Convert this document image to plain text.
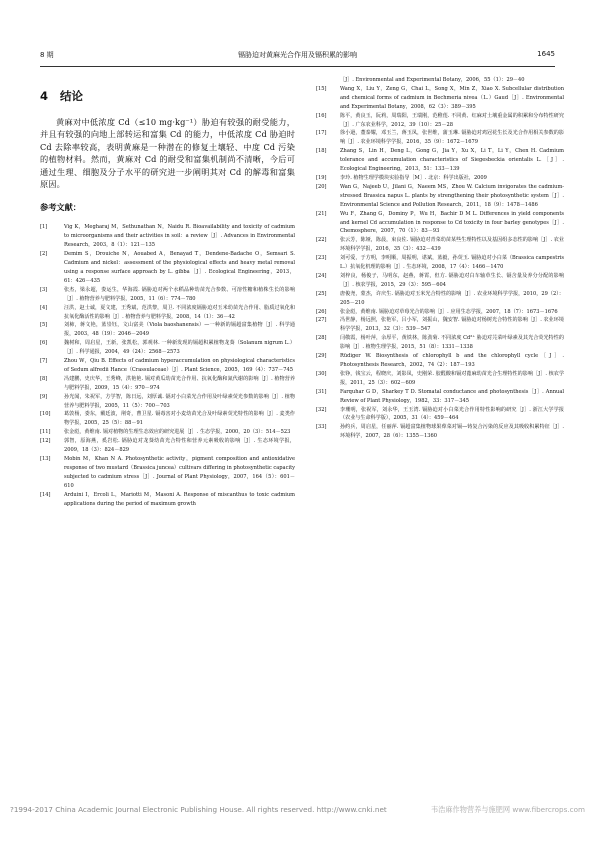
8 期	镉胁迫对黄麻光合作用及镉积累的影响	1645
4 结论

黄麻对中低浓度 Cd（≤10 mg·kg⁻¹）胁迫有较强的耐受能力，并且有较强的向地上部转运和富集 Cd 的能力，中低浓度 Cd 胁迫时 Cd 去除率较高，表明黄麻是一种潜在的修复土壤轻、中度 Cd 污染的植物材料。然而，黄麻对 Cd 的耐受和富集机制尚不清晰，今后可通过生理、细胞及分子水平的研究进一步阐明其对 Cd 的解毒和富集原因。

参考文献：
[1]	Vig K，Megharaj M，Sethunathan N，Naidu R. Bioavailability and toxicity of cadmium to microorganisms and their activities in soil：a review［J］. Advances in Environmental Research，2003，8（1）：121－135
[2]	Demim S，Drouiche N，Aouabed A，Benayad T，Dendene-Badache O，Semsari S. Cadmium and nickel：assessment of the physiological effects and heavy metal removal using a response surface approach by L. gibba［J］. Ecological Engineering，2013，61：426－435
[3]	张杰，梁永超，娄运生，华海霞. 镉胁迫对两个水稻品种幼苗光合参数、可溶性糖和植株生长的影响［J］. 植物营养与肥料学报，2005，11（6）：774－780
[4]	汪洪，赵士诚，夏文建，王秀斌，范洪黎，周卫. 不同浓度镉胁迫对玉米幼苗光合作用、脂质过氧化和抗氧化酶活性的影响［J］. 植物营养与肥料学报，2008，14（1）：36－42
[5]	刘柿，蒋文艳，蓝崇钰，文山富美（Viola baoshanensis）—一种新的镉超富集植物［J］. 科学通报，2003，48（19）：2046－2049
[6]	魏树和，周启星，王新，张凯松，郭观林. 一种新发现的镉超积累植物龙葵（Solanum nigrum L.）［J］. 科学通报，2004，49（24）：2568－2573
[7]	Zhou W，Qiu B. Effects of cadmium hyperaccumulation on physiological characteristics of Sedum alfredii Hance（Crassulaceae）［J］. Plant Science，2005，169（4）：737－745
[8]	冯建鹏，史庆华，王秀峰，洪艳艳. 镉对黄瓜幼苗光合作用、抗氧化酶和氮代谢的影响［J］. 植物营养与肥料学报，2009，15（4）：970－974
[9]	孙光闻，朱祝军，方学智，陈日远，刘厚诚. 镉对小白菜光合作用及叶绿素荧光参数的影响［J］. 植物营养与肥料学报，2005，11（5）：700－703
[10]	葛敦杨，娄东，戴廷波，荆奇，曹卫星. 镉毒害对小麦幼苗光合及叶绿素荧光特性的影响［J］. 麦类作物学报，2005，25（5）：88－91
[11]	张金彪，黄维南. 镉对植物的生理生态效应的研究进展［J］. 生态学报，2000，20（3）：514－523
[12]	郭智，原海燕，奚岩松. 镉胁迫对龙葵幼苗光合特性和营养元素吸收的影响［J］. 生态环境学报，2009，18（3）：824－829
[13]	Mobin M，Khan N A. Photosynthetic activity，pigment composition and antioxidative response of two mustard（Brassica juncea）cultivars differing in photosynthetic capacity subjected to cadmium stress［J］. Journal of Plant Physiology，2007，164（5）：601－610
[14]	Arduini I，Ercoli L，Mariotti M，Masoni A. Response of miscanthus to toxic cadmium applications during the period of maximum growth
［J］. Environmental and Experimental Botany，2006，55（1）：29－40
[15]	Wang X，Liu Y，Zeng G，Chai L，Song X，Min Z，Xiao X. Subcellular distribution and chemical forms of cadmium in Bechmeria nivea（L.）Gaud［J］. Environmental and Experimental Botany，2008，62（3）：389－395
[16]	陈平，黄良玉，阮莉，周瑞阳，王瑞刚，范稚莲. 不同黄、红麻对土壤重金属的积累和分布特性研究［J］. 广东农业科学，2012，39（10）：25－28
[17]	徐小逊，董泰耀，邓玉兰，蒋玉凤，张世维，蒲玉琳. 镉胁迫对鸡冠花生长及光合作用相关参数的影响［J］. 农业环境科学学报，2016，35（9）：1672－1679
[18]	Zhang S，Lin H，Deng L，Gong G，Jia Y，Xu X，Li T，Li Y，Chen H. Cadmium tolerance and accumulation characteristics of Siegesbeckia orientalis L.［J］. Ecological Engineering，2013，51：133－139
[19]	李玲. 植物生理学模块实验指导［M］. 北京：科学出版社，2009
[20]	Wan G，Najeeb U，Jilani G，Naeem MS，Zhou W. Calcium invigorates the cadmium-stressed Brassica napus L. plants by strengthening their photosynthetic system［J］. Environmental Science and Pollution Research，2011，18（9）：1478－1486
[21]	Wu F，Zhang G，Dominy P，Wu H，Bachir D M L. Differences in yield components and kernel Cd accumulation in response to Cd toxicity in four barley genotypes［J］. Chemosphere，2007，70（1）：83－93
[22]	张云芳，陈娅，陈晨，束良佐. 镉胁迫对青菜幼苗某些生理特性以及基因组多态性的影响［J］. 农业环境科学学报，2016，35（3）：432－439
[23]	刘可爱，于方明，李明顺，周振明，谌斌，蓝毅，孙荧玉. 镉胁迫对小白菜（Brassica campestris L.）抗氧化机理的影响［J］. 生态环境，2008，17（4）：1466－1470
[24]	刘梓良，杨俊子，马明东，赵燕，蒋霄，但方. 镉胁迫对白车轴草生长、镉含量及养分分配的影响［J］. 核农学报，2015，29（3）：595－604
[25]	唐俊尧，蒙杰，许庆生. 镉胁迫对玉米光合特性的影响［J］. 农业环境科学学报，2010，29（2）：205－210
[26]	张金彪，黄维南. 镉胁迫对草莓光合的影响［J］. 应用生态学报，2007，18（7）：1673－1676
[27]	冯世静，杨远照，张艳军，吕小军，刘振山，魏安智. 镉胁迫对杨树光合特性的影响［J］. 农业环境科学学报，2013，32（3）：539－547
[28]	闫敬霞，杨叶萍，余厚平，黄铁林，陈劲菊. 不同浓度 Cd²⁺ 胁迫对芫菜叶绿素及其光合荧光特性的影响［J］. 植物生理学报，2015，51（8）：1331－1338
[29]	Rüdiger W. Biosynthesis of chlorophyll b and the chlorophyll cycle［J］. Photosynthesis Research，2002，74（2）：187－193
[30]	张铮，钱宝云，程晓庆，刘影凤，史刚荣. 胶醛酸和镉对蓖麻幼苗光合生理特性的影响［J］. 核农学报，2011，25（3）：602－609
[31]	Farquhar G D，Sharkey T D. Stomatal conductance and photosynthesis［J］. Annual Review of Plant Physiology，1982，33：317－345
[32]	李珊明，张祝军，刘永华，王玉湾. 镉胁迫对小白菜光合作用特性影响的研究［J］. 浙江大学学报（农业与生命科学版），2005，31（4）：459－464
[33]	孙约兵，周启星，任丽萍. 镉超富集植物球果蔊菜对镉—铸复合污染的反应及其吸收积累特征［J］. 环境科学，2007，28（6）：1355－1360
?1994-2017 China Academic Journal Electronic Publishing House. All rights reserved. http://www.cnki.net	韦浩麻作物营养与施肥网 www.fibercrops.com
